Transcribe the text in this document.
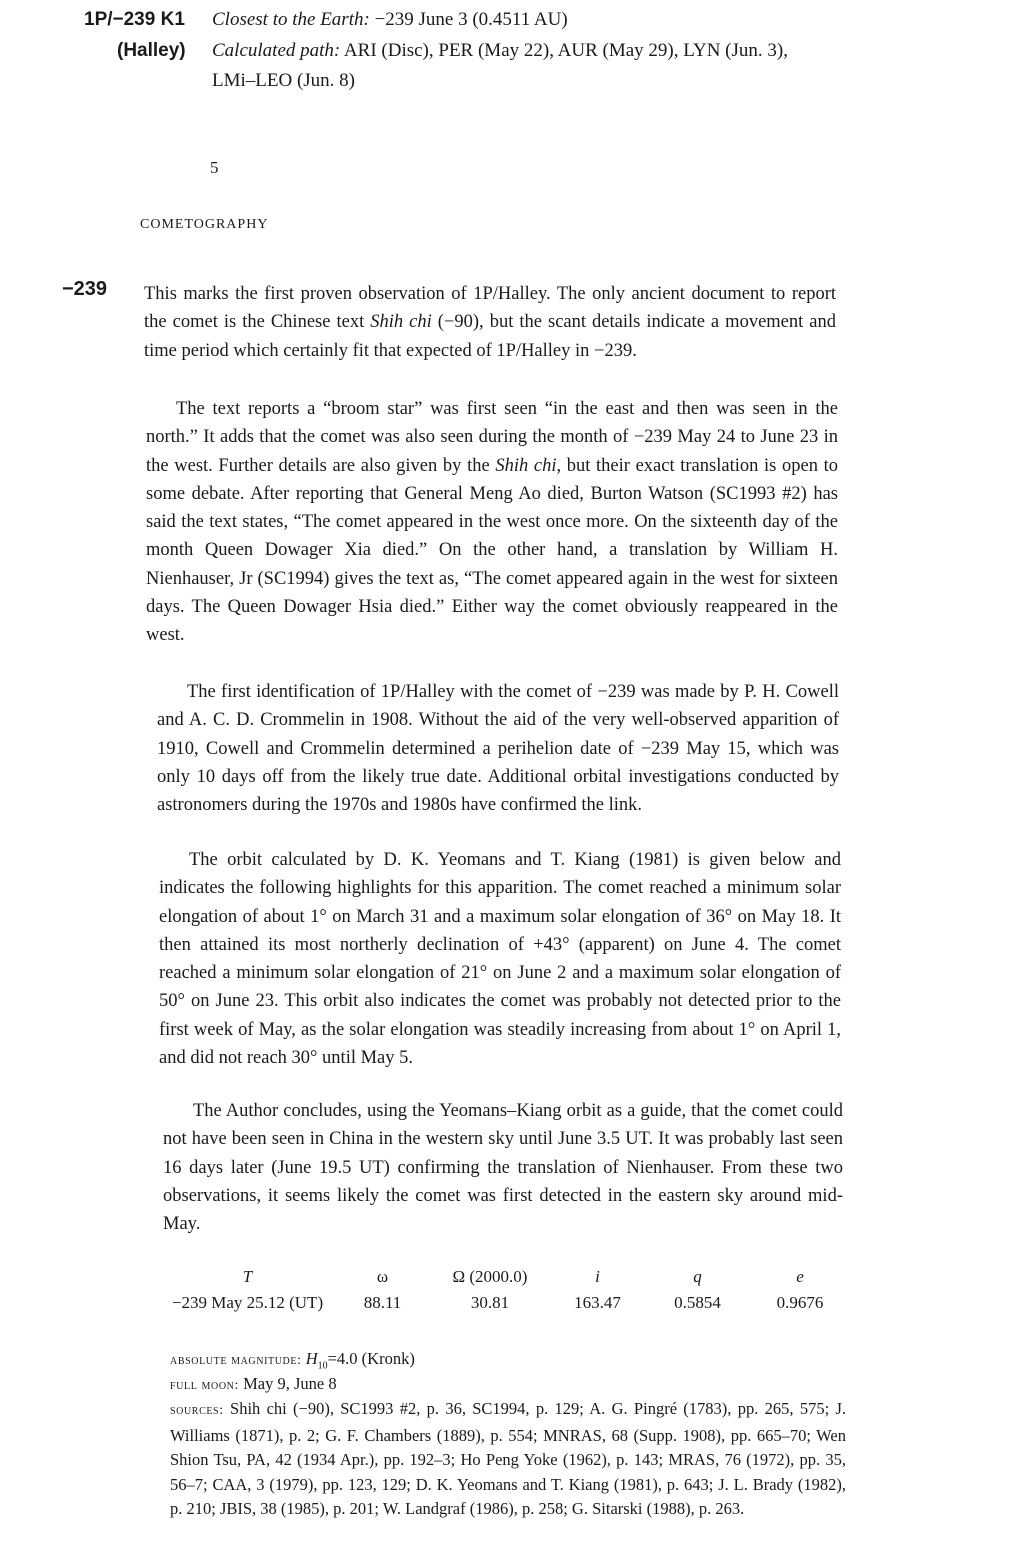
1P/−239 K1
(Halley)
Closest to the Earth: −239 June 3 (0.4511 AU)
Calculated path: ARI (Disc), PER (May 22), AUR (May 29), LYN (Jun. 3),
LMi–LEO (Jun. 8)
5
COMETOGRAPHY
−239 This marks the first proven observation of 1P/Halley. The only ancient document to report the comet is the Chinese text Shih chi (−90), but the scant details indicate a movement and time period which certainly fit that expected of 1P/Halley in −239.

The text reports a “broom star” was first seen “in the east and then was seen in the north.” It adds that the comet was also seen during the month of −239 May 24 to June 23 in the west. Further details are also given by the Shih chi, but their exact translation is open to some debate. After reporting that General Meng Ao died, Burton Watson (SC1993 #2) has said the text states, “The comet appeared in the west once more. On the sixteenth day of the month Queen Dowager Xia died.” On the other hand, a translation by William H. Nienhauser, Jr (SC1994) gives the text as, “The comet appeared again in the west for sixteen days. The Queen Dowager Hsia died.” Either way the comet obviously reappeared in the west.

The first identification of 1P/Halley with the comet of −239 was made by P. H. Cowell and A. C. D. Crommelin in 1908. Without the aid of the very well-observed apparition of 1910, Cowell and Crommelin determined a perihelion date of −239 May 15, which was only 10 days off from the likely true date. Additional orbital investigations conducted by astronomers during the 1970s and 1980s have confirmed the link.

The orbit calculated by D. K. Yeomans and T. Kiang (1981) is given below and indicates the following highlights for this apparition. The comet reached a minimum solar elongation of about 1° on March 31 and a maximum solar elongation of 36° on May 18. It then attained its most northerly declination of +43° (apparent) on June 4. The comet reached a minimum solar elongation of 21° on June 2 and a maximum solar elongation of 50° on June 23. This orbit also indicates the comet was probably not detected prior to the first week of May, as the solar elongation was steadily increasing from about 1° on April 1, and did not reach 30° until May 5.

The Author concludes, using the Yeomans–Kiang orbit as a guide, that the comet could not have been seen in China in the western sky until June 3.5 UT. It was probably last seen 16 days later (June 19.5 UT) confirming the translation of Nienhauser. From these two observations, it seems likely the comet was first detected in the eastern sky around mid-May.

T	ω	Ω (2000.0)	i	q	e
−239 May 25.12 (UT)	88.11	30.81	163.47	0.5854	0.9676

absolute magnitude: $H_{10}=4.0$ (Kronk)

full moon: May 9, June 8

sources: Shih chi (−90), SC1993 #2, p. 36, SC1994, p. 129; A. G. Pingré (1783), pp. 265, 575; J. Williams (1871), p. 2; G. F. Chambers (1889), p. 554; MNRAS, 68 (Supp. 1908), pp. 665–70; Wen Shion Tsu, PA, 42 (1934 Apr.), pp. 192–3; Ho Peng Yoke (1962), p. 143; MRAS, 76 (1972), pp. 35, 56–7; CAA, 3 (1979), pp. 123, 129; D. K. Yeomans and T. Kiang (1981), p. 643; J. L. Brady (1982), p. 210; JBIS, 38 (1985), p. 201; W. Landgraf (1986), p. 258; G. Sitarski (1988), p. 263.
